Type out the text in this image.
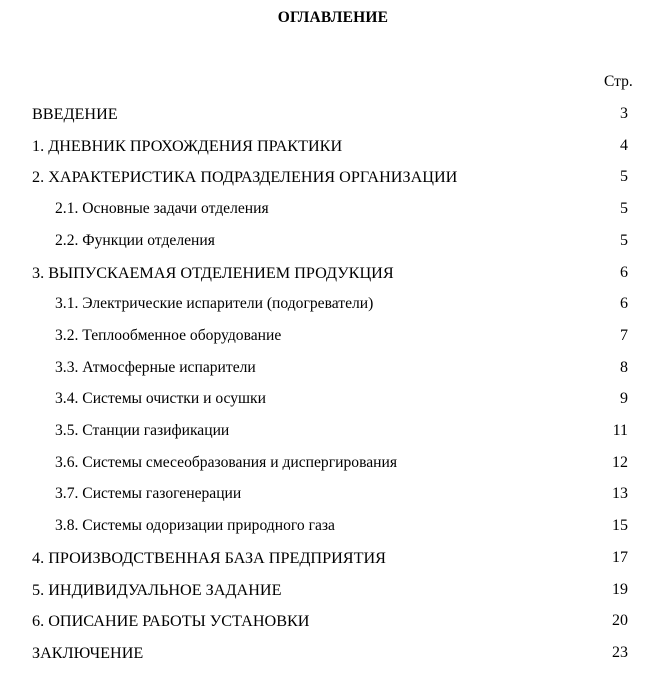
ОГЛАВЛЕНИЕ
Стр.
ВВЕДЕНИЕ	3
1. ДНЕВНИК ПРОХОЖДЕНИЯ ПРАКТИКИ	4
2. ХАРАКТЕРИСТИКА ПОДРАЗДЕЛЕНИЯ ОРГАНИЗАЦИИ	5
2.1. Основные задачи отделения	5
2.2. Функции отделения	5
3. ВЫПУСКАЕМАЯ ОТДЕЛЕНИЕМ ПРОДУКЦИЯ	6
3.1. Электрические испарители (подогреватели)	6
3.2. Теплообменное оборудование	7
3.3. Атмосферные испарители	8
3.4. Системы очистки и осушки	9
3.5. Станции газификации	11
3.6. Системы смесеобразования и диспергирования	12
3.7. Системы газогенерации	13
3.8. Системы одоризации природного газа	15
4. ПРОИЗВОДСТВЕННАЯ БАЗА ПРЕДПРИЯТИЯ	17
5. ИНДИВИДУАЛЬНОЕ ЗАДАНИЕ	19
6. ОПИСАНИЕ РАБОТЫ УСТАНОВКИ	20
ЗАКЛЮЧЕНИЕ	23
